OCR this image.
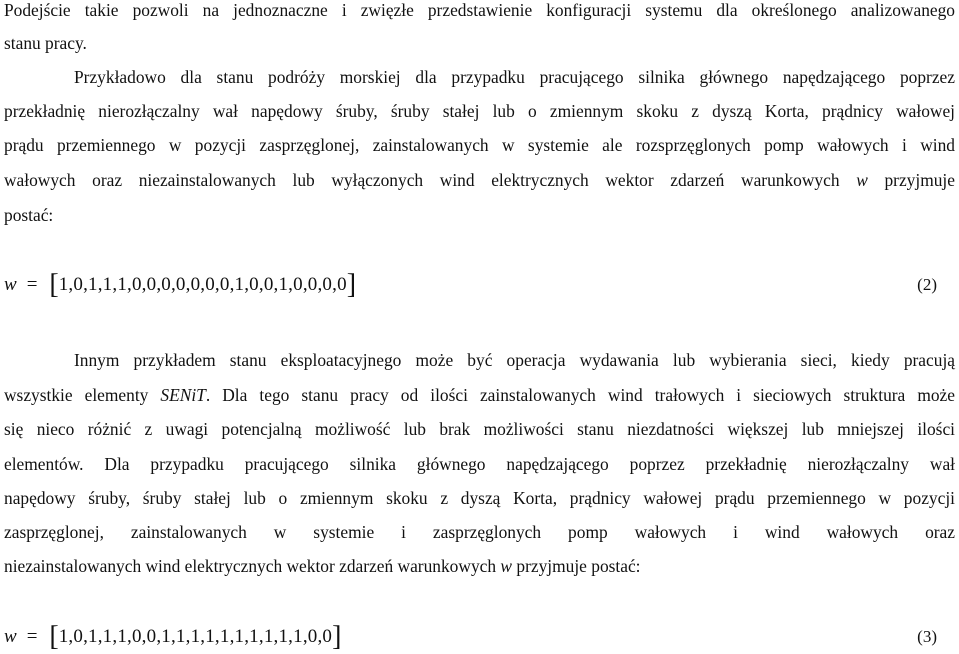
Podejście takie pozwoli na jednoznaczne i zwięzłe przedstawienie konfiguracji systemu dla określonego analizowanego
stanu pracy.
Przykładowo dla stanu podróży morskiej dla przypadku pracującego silnika głównego napędzającego poprzez
przekładnię nierozłączalny wał napędowy śruby, śruby stałej lub o zmiennym skoku z dyszą Korta, prądnicy wałowej
prądu przemiennego w pozycji zasprzęglonej, zainstalowanych w systemie ale rozsprzęglonych pomp wałowych i wind
wałowych oraz niezainstalowanych lub wyłączonych wind elektrycznych wektor zdarzeń warunkowych w przyjmuje
postać:
w = [1,0,1,1,1,0,0,0,0,0,0,0,1,0,0,1,0,0,0,0]	(2)
Innym przykładem stanu eksploatacyjnego może być operacja wydawania lub wybierania sieci, kiedy pracują
wszystkie elementy SENiT. Dla tego stanu pracy od ilości zainstalowanych wind trałowych i sieciowych struktura może
się nieco różnić z uwagi potencjalną możliwość lub brak możliwości stanu niezdatności większej lub mniejszej ilości
elementów. Dla przypadku pracującego silnika głównego napędzającego poprzez przekładnię nierozłączalny wał
napędowy śruby, śruby stałej lub o zmiennym skoku z dyszą Korta, prądnicy wałowej prądu przemiennego w pozycji
zasprzęglonej, zainstalowanych w systemie i zasprzęglonych pomp wałowych i wind wałowych oraz
niezainstalowanych wind elektrycznych wektor zdarzeń warunkowych w przyjmuje postać:
w = [1,0,1,1,1,0,0,1,1,1,1,1,1,1,1,1,1,0,0]	(3)
